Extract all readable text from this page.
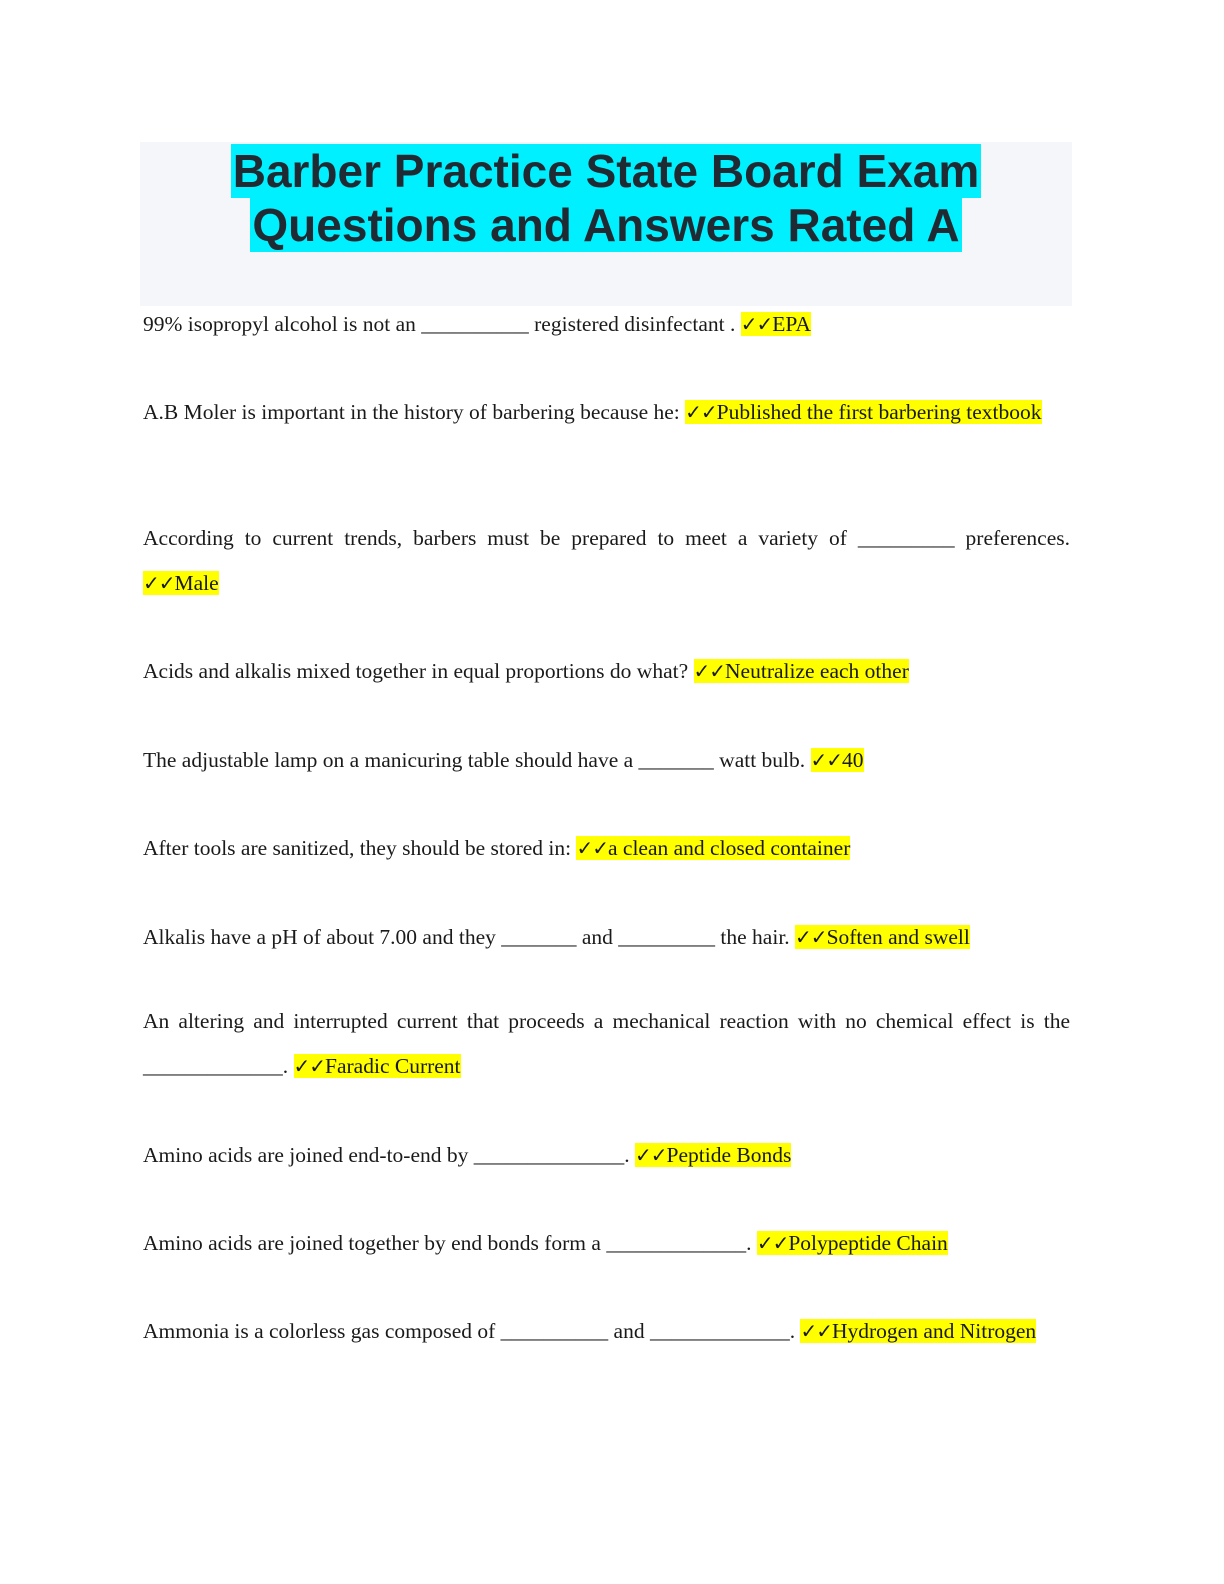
Barber Practice State Board Exam
Questions and Answers Rated A
99% isopropyl alcohol is not an __________ registered disinfectant . ✓✓EPA
A.B Moler is important in the history of barbering because he: ✓✓Published the first barbering textbook
According to current trends, barbers must be prepared to meet a variety of _________ preferences. ✓✓Male
Acids and alkalis mixed together in equal proportions do what? ✓✓Neutralize each other
The adjustable lamp on a manicuring table should have a _______ watt bulb. ✓✓40
After tools are sanitized, they should be stored in: ✓✓a clean and closed container
Alkalis have a pH of about 7.00 and they _______ and _________ the hair. ✓✓Soften and swell
An altering and interrupted current that proceeds a mechanical reaction with no chemical effect is the _____________. ✓✓Faradic Current
Amino acids are joined end-to-end by ______________. ✓✓Peptide Bonds
Amino acids are joined together by end bonds form a _____________. ✓✓Polypeptide Chain
Ammonia is a colorless gas composed of __________ and _____________. ✓✓Hydrogen and Nitrogen
